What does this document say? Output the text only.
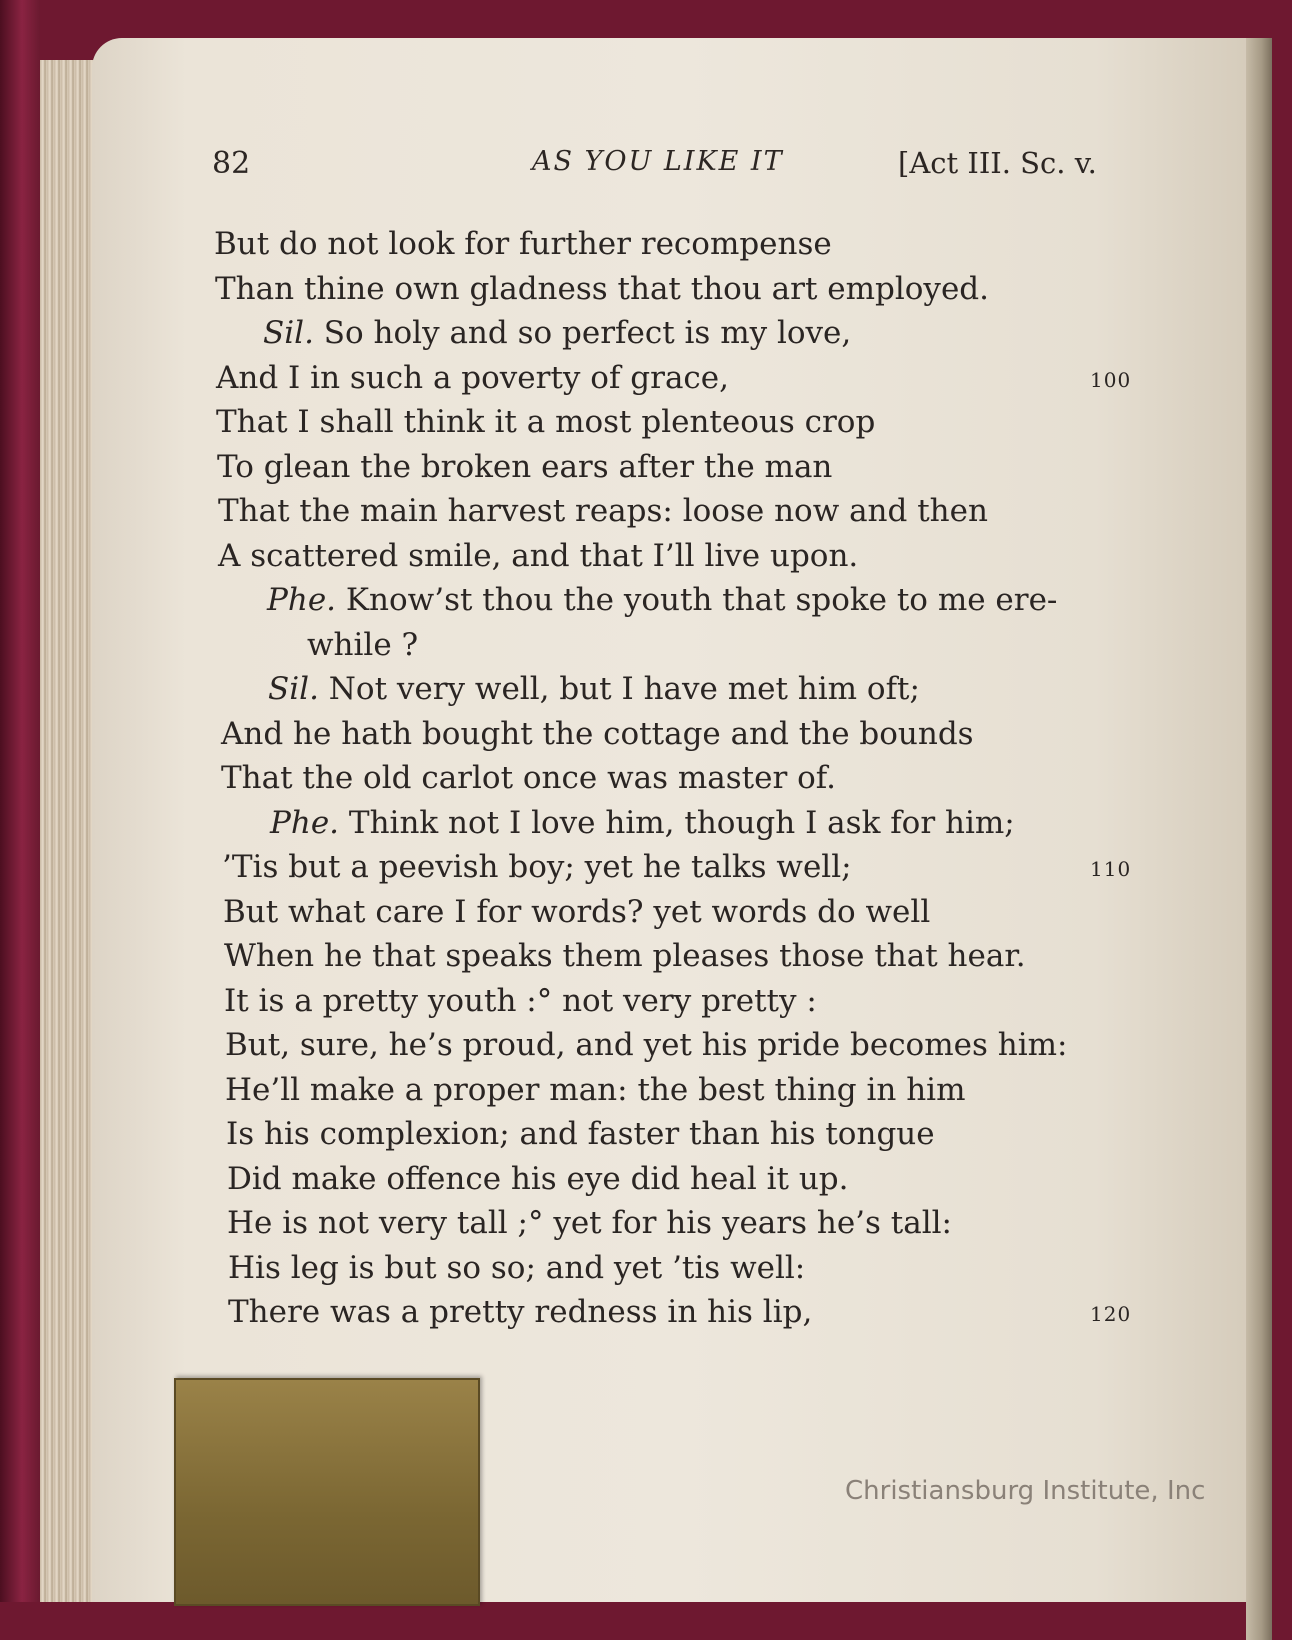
82	AS YOU LIKE IT	[Act III. Sc. v.
But do not look for further recompense
Than thine own gladness that thou art employed.
Sil. So holy and so perfect is my love,
And I in such a poverty of grace,	100
That I shall think it a most plenteous crop
To glean the broken ears after the man
That the main harvest reaps: loose now and then
A scattered smile, and that I’ll live upon.
Phe. Know’st thou the youth that spoke to me ere-
while ?
Sil. Not very well, but I have met him oft;
And he hath bought the cottage and the bounds
That the old carlot once was master of.
Phe. Think not I love him, though I ask for him;
’Tis but a peevish boy; yet he talks well;	110
But what care I for words? yet words do well
When he that speaks them pleases those that hear.
It is a pretty youth :° not very pretty :
But, sure, he’s proud, and yet his pride becomes him:
He’ll make a proper man: the best thing in him
Is his complexion; and faster than his tongue
Did make offence his eye did heal it up.
He is not very tall ;° yet for his years he’s tall:
His leg is but so so; and yet ’tis well:
There was a pretty redness in his lip,	120
Christiansburg Institute, Inc
